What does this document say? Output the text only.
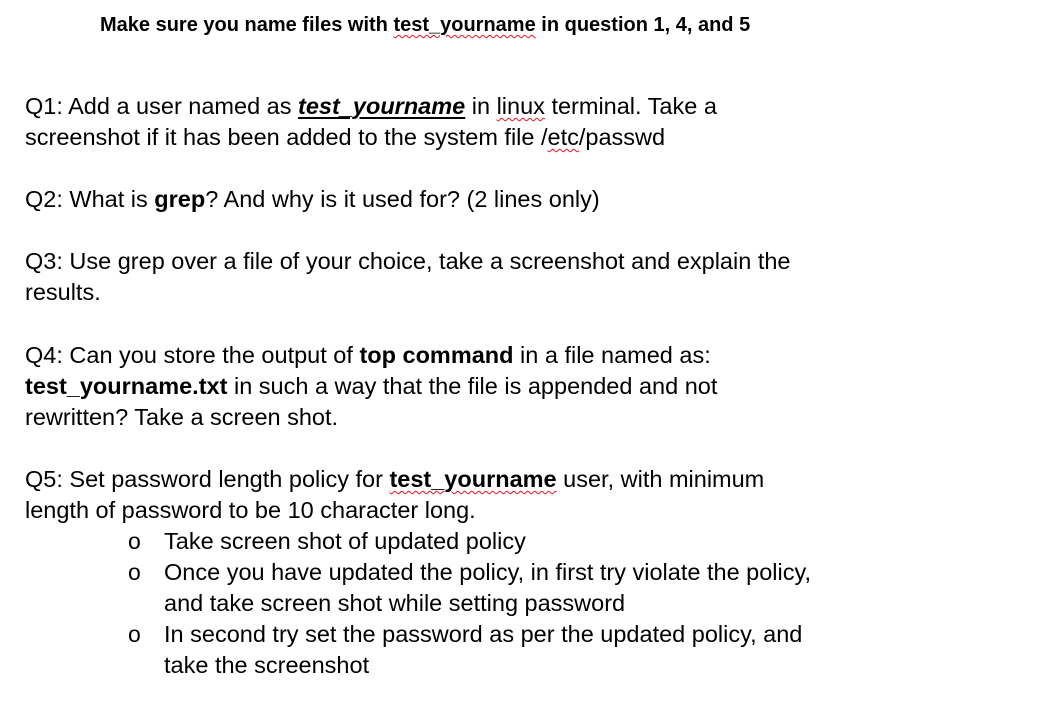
Make sure you name files with test_yourname in question 1, 4, and 5
Q1: Add a user named as test_yourname in linux terminal. Take a
screenshot if it has been added to the system file /etc/passwd
Q2: What is grep? And why is it used for? (2 lines only)
Q3: Use grep over a file of your choice, take a screenshot and explain the
results.
Q4: Can you store the output of top command in a file named as:
test_yourname.txt in such a way that the file is appended and not
rewritten? Take a screen shot.
Q5: Set password length policy for test_yourname user, with minimum
length of password to be 10 character long.
o Take screen shot of updated policy
o Once you have updated the policy, in first try violate the policy,
and take screen shot while setting password
o In second try set the password as per the updated policy, and
take the screenshot
